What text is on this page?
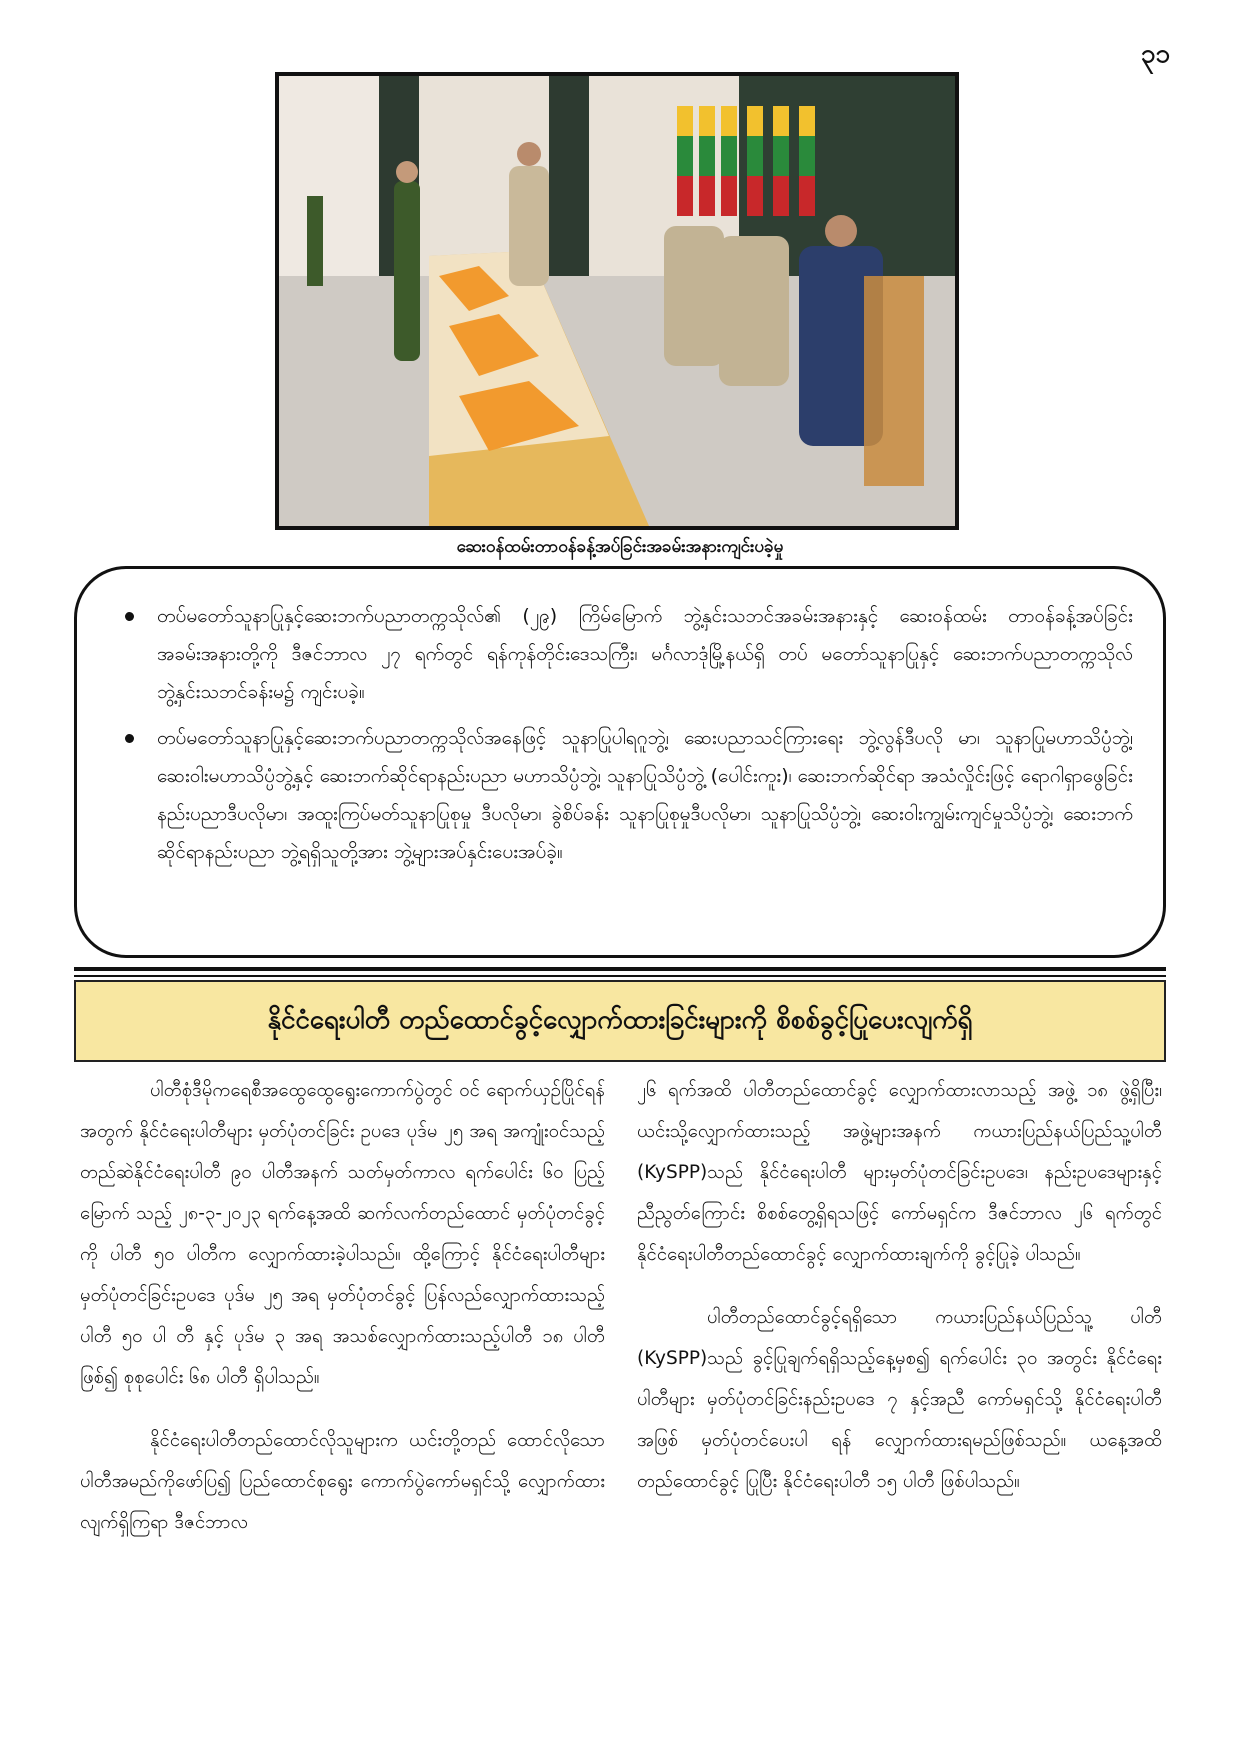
၃၁
ဆေးဝန်ထမ်းတာဝန်ခန့်အပ်ခြင်းအခမ်းအနားကျင်းပခဲ့မှု
တပ်မတော်သူနာပြုနှင့်ဆေးဘက်ပညာတက္ကသိုလ်၏ (၂၉) ကြိမ်မြောက် ဘွဲ့နှင်းသဘင်အခမ်းအနားနှင့် ဆေးဝန်ထမ်း တာဝန်ခန့်အပ်ခြင်းအခမ်းအနားတို့ကို ဒီဇင်ဘာလ ၂၇ ရက်တွင် ရန်ကုန်တိုင်းဒေသကြီး၊ မင်္ဂလာဒုံမြို့နယ်ရှိ တပ် မတော်သူနာပြုနှင့် ဆေးဘက်ပညာတက္ကသိုလ် ဘွဲ့နှင်းသဘင်ခန်းမ၌ ကျင်းပခဲ့။
တပ်မတော်သူနာပြုနှင့်ဆေးဘက်ပညာတက္ကသိုလ်အနေဖြင့် သူနာပြုပါရဂူဘွဲ့၊ ဆေးပညာသင်ကြားရေး ဘွဲ့လွန်ဒီပလို မာ၊ သူနာပြုမဟာသိပ္ပံဘွဲ့၊ ဆေးဝါးမဟာသိပ္ပံဘွဲ့နှင့် ဆေးဘက်ဆိုင်ရာနည်းပညာ မဟာသိပ္ပံဘွဲ့၊ သူနာပြုသိပ္ပံဘွဲ့ (ပေါင်းကူး)၊ ဆေးဘက်ဆိုင်ရာ အသံလှိုင်းဖြင့် ရောဂါရှာဖွေခြင်းနည်းပညာဒီပလိုမာ၊ အထူးကြပ်မတ်သူနာပြုစုမှု ဒီပလိုမာ၊ ခွဲစိပ်ခန်း သူနာပြုစုမှုဒီပလိုမာ၊ သူနာပြုသိပ္ပံဘွဲ့၊ ဆေးဝါးကျွမ်းကျင်မှုသိပ္ပံဘွဲ့၊ ဆေးဘက်ဆိုင်ရာနည်းပညာ ဘွဲ့ရရှိသူတို့အား ဘွဲ့များအပ်နှင်းပေးအပ်ခဲ့။
နိုင်ငံရေးပါတီ တည်ထောင်ခွင့်လျှောက်ထားခြင်းများကို စိစစ်ခွင့်ပြုပေးလျက်ရှိ

ပါတီစုံဒီမိုကရေစီအထွေထွေရွေးကောက်ပွဲတွင် ဝင် ရောက်ယှဉ်ပြိုင်ရန်အတွက် နိုင်ငံရေးပါတီများ မှတ်ပုံတင်ခြင်း ဥပဒေ ပုဒ်မ ၂၅ အရ အကျုံးဝင်သည့် တည်ဆဲနိုင်ငံရေးပါတီ ၉၀ ပါတီအနက် သတ်မှတ်ကာလ ရက်ပေါင်း ၆၀ ပြည့်မြောက် သည့် ၂၈-၃-၂၀၂၃ ရက်နေ့အထိ ဆက်လက်တည်ထောင် မှတ်ပုံတင်ခွင့်ကို ပါတီ ၅၀ ပါတီက လျှောက်ထားခဲ့ပါသည်။ ထို့ကြောင့် နိုင်ငံရေးပါတီများ မှတ်ပုံတင်ခြင်းဥပဒေ ပုဒ်မ ၂၅ အရ မှတ်ပုံတင်ခွင့် ပြန်လည်လျှောက်ထားသည့် ပါတီ ၅၀ ပါ တီ နှင့် ပုဒ်မ ၃ အရ အသစ်လျှောက်ထားသည့်ပါတီ ၁၈ ပါတီ ဖြစ်၍ စုစုပေါင်း ၆၈ ပါတီ ရှိပါသည်။

နိုင်ငံရေးပါတီတည်ထောင်လိုသူများက ယင်းတို့တည် ထောင်လိုသောပါတီအမည်ကိုဖော်ပြ၍ ပြည်ထောင်စုရွေး ကောက်ပွဲကော်မရှင်သို့ လျှောက်ထားလျက်ရှိကြရာ ဒီဇင်ဘာလ

၂၆ ရက်အထိ ပါတီတည်ထောင်ခွင့် လျှောက်ထားလာသည့် အဖွဲ့ ၁၈ ဖွဲ့ရှိပြီး၊ ယင်းသို့လျှောက်ထားသည့် အဖွဲ့များအနက် ကယားပြည်နယ်ပြည်သူ့ပါတီ (KySPP)သည် နိုင်ငံရေးပါတီ များမှတ်ပုံတင်ခြင်းဥပဒေ၊ နည်းဥပဒေများနှင့်ညီညွတ်ကြောင်း စိစစ်တွေ့ရှိရသဖြင့် ကော်မရှင်က ဒီဇင်ဘာလ ၂၆ ရက်တွင် နိုင်ငံရေးပါတီတည်ထောင်ခွင့် လျှောက်ထားချက်ကို ခွင့်ပြုခဲ့ ပါသည်။

ပါတီတည်ထောင်ခွင့်ရရှိသော ကယားပြည်နယ်ပြည်သူ့ ပါတီ (KySPP)သည် ခွင့်ပြုချက်ရရှိသည့်နေ့မှစ၍ ရက်ပေါင်း ၃၀ အတွင်း နိုင်ငံရေးပါတီများ မှတ်ပုံတင်ခြင်းနည်းဥပဒေ ၇ နှင့်အညီ ကော်မရှင်သို့ နိုင်ငံရေးပါတီအဖြစ် မှတ်ပုံတင်ပေးပါ ရန် လျှောက်ထားရမည်ဖြစ်သည်။ ယနေ့အထိ တည်ထောင်ခွင့် ပြုပြီး နိုင်ငံရေးပါတီ ၁၅ ပါတီ ဖြစ်ပါသည်။
